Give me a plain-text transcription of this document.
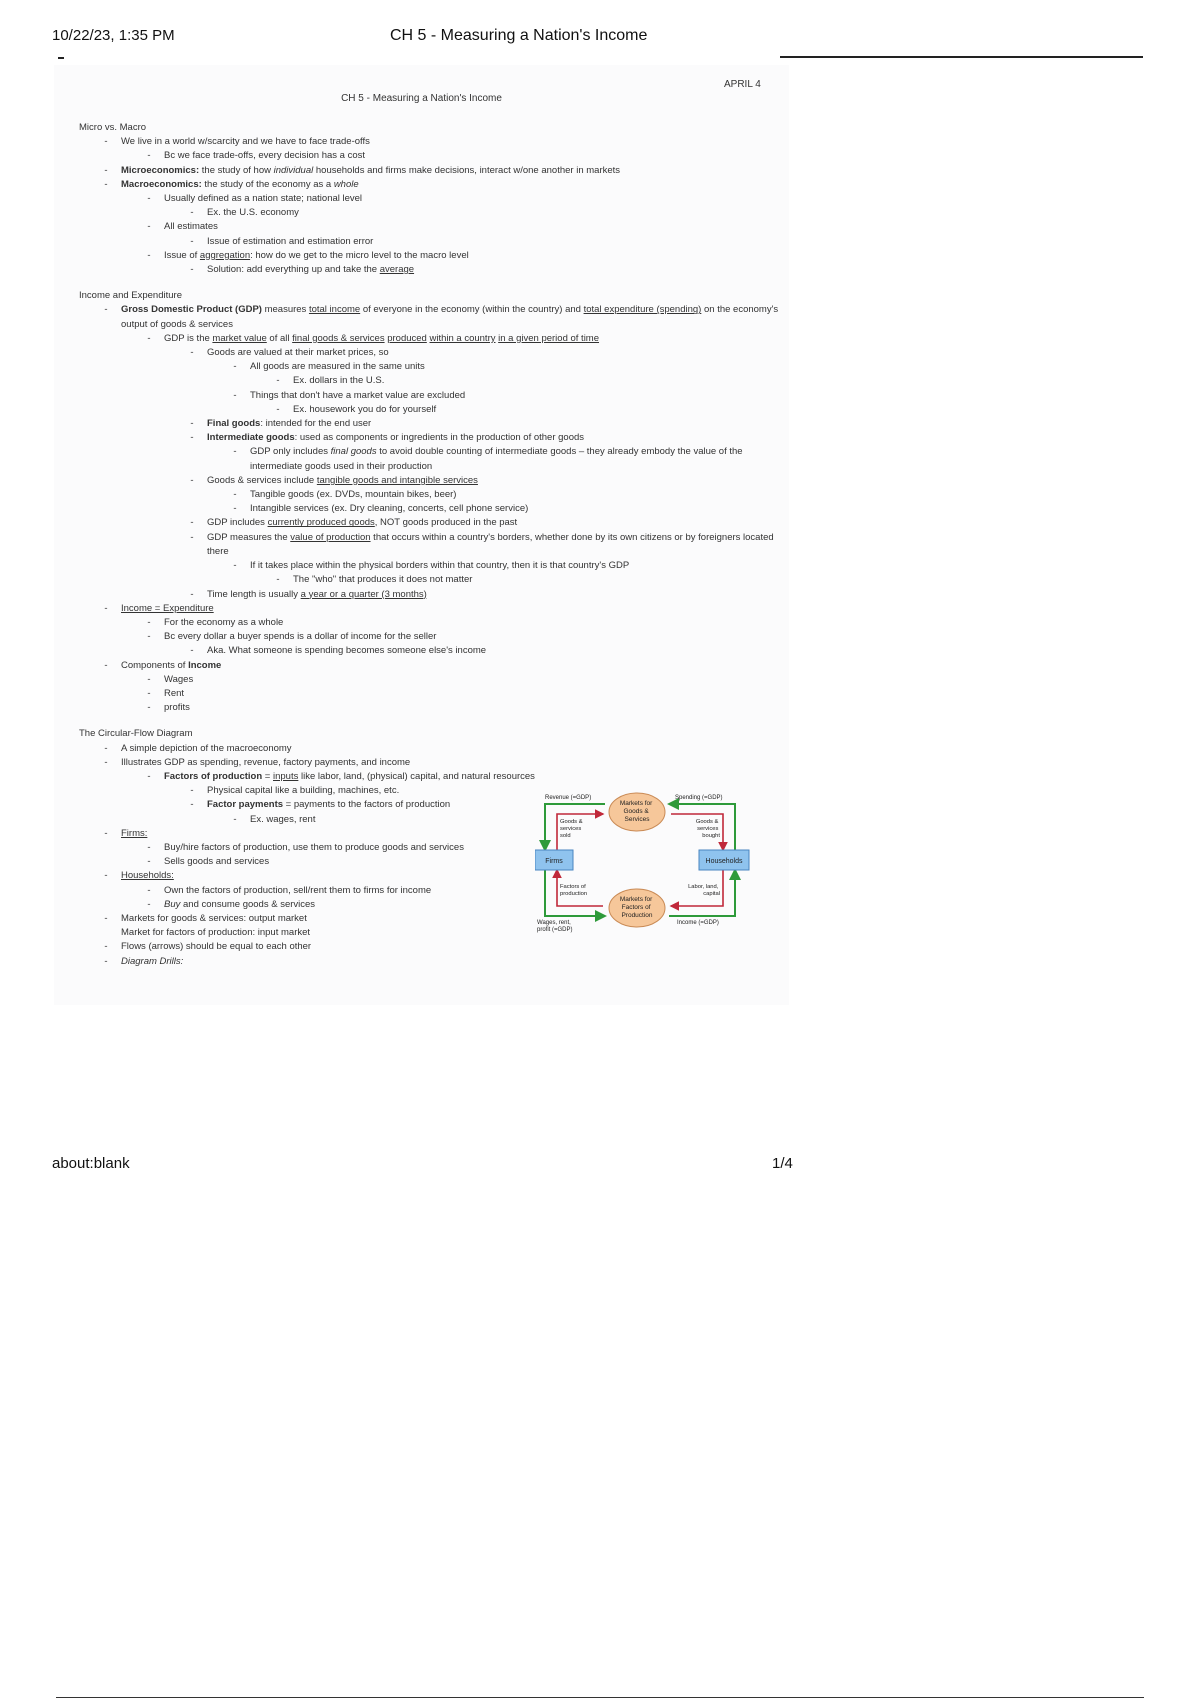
10/22/23, 1:35 PM	CH 5 - Measuring a Nation's Income
APRIL 4
CH 5 - Measuring a Nation's Income
Micro vs. Macro
-	We live in a world w/scarcity and we have to face trade-offs
-	Bc we face trade-offs, every decision has a cost
-	Microeconomics: the study of how individual households and firms make decisions, interact w/one another in markets
-	Macroeconomics: the study of the economy as a whole
-	Usually defined as a nation state; national level
-	Ex. the U.S. economy
-	All estimates
-	Issue of estimation and estimation error
-	Issue of aggregation: how do we get to the micro level to the macro level
-	Solution: add everything up and take the average
Income and Expenditure
-	Gross Domestic Product (GDP) measures total income of everyone in the economy (within the country) and total expenditure (spending) on the economy's output of goods & services
-	GDP is the market value of all final goods & services produced within a country in a given period of time
-	Goods are valued at their market prices, so
-	All goods are measured in the same units
-	Ex. dollars in the U.S.
-	Things that don't have a market value are excluded
-	Ex. housework you do for yourself
-	Final goods: intended for the end user
-	Intermediate goods: used as components or ingredients in the production of other goods
-	GDP only includes final goods to avoid double counting of intermediate goods – they already embody the value of the intermediate goods used in their production
-	Goods & services include tangible goods and intangible services
-	Tangible goods (ex. DVDs, mountain bikes, beer)
-	Intangible services (ex. Dry cleaning, concerts, cell phone service)
-	GDP includes currently produced goods, NOT goods produced in the past
-	GDP measures the value of production that occurs within a country's borders, whether done by its own citizens or by foreigners located there
-	If it takes place within the physical borders within that country, then it is that country's GDP
-	The "who" that produces it does not matter
-	Time length is usually a year or a quarter (3 months)
-	Income = Expenditure
-	For the economy as a whole
-	Bc every dollar a buyer spends is a dollar of income for the seller
-	Aka. What someone is spending becomes someone else's income
-	Components of Income
-	Wages
-	Rent
-	profits
The Circular-Flow Diagram
-	A simple depiction of the macroeconomy
-	Illustrates GDP as spending, revenue, factory payments, and income
-	Factors of production = inputs like labor, land, (physical) capital, and natural resources
-	Physical capital like a building, machines, etc.
-	Factor payments = payments to the factors of production
-	Ex. wages, rent
-	Firms:
-	Buy/hire factors of production, use them to produce goods and services
-	Sells goods and services
-	Households:
-	Own the factors of production, sell/rent them to firms for income
-	Buy and consume goods & services
-	Markets for goods & services: output market
Market for factors of production: input market
-	Flows (arrows) should be equal to each other
-	Diagram Drills:
Markets for Goods & Services
Markets for Factors of Production
Firms	Households
Revenue (=GDP)	Spending (=GDP)
Goods & services sold
Goods & services bought
Factors of production
Labor, land, capital
Wages, rent, profit (=GDP)
Income (=GDP)
about:blank	1/4
